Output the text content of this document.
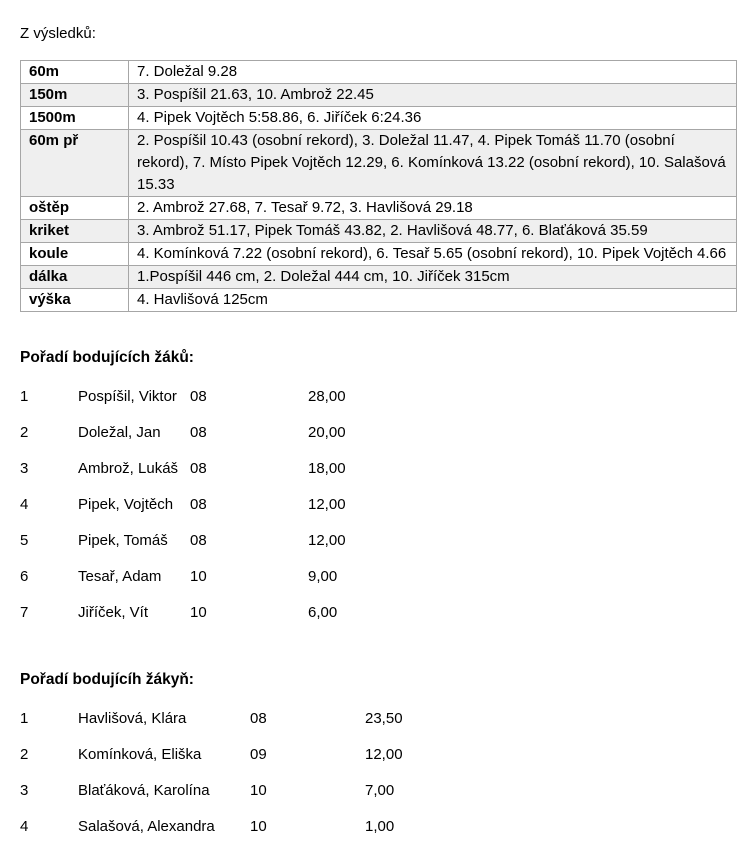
Z výsledků:

60m	7. Doležal 9.28
150m	3. Pospíšil 21.63, 10. Ambrož 22.45
1500m	4. Pipek Vojtěch 5:58.86, 6. Jiříček 6:24.36
60m př	2. Pospíšil 10.43 (osobní rekord), 3. Doležal 11.47, 4. Pipek Tomáš 11.70 (osobní rekord), 7. Místo Pipek Vojtěch 12.29, 6. Komínková 13.22 (osobní rekord), 10. Salašová 15.33
oštěp	2. Ambrož 27.68, 7. Tesař 9.72, 3. Havlišová 29.18
kriket	3. Ambrož 51.17, Pipek Tomáš 43.82, 2. Havlišová 48.77, 6. Blaťáková 35.59
koule	4. Komínková 7.22 (osobní rekord), 6. Tesař 5.65 (osobní rekord), 10. Pipek Vojtěch 4.66
dálka	1.Pospíšil 446 cm, 2. Doležal 444 cm, 10. Jiříček 315cm
výška	4. Havlišová 125cm
Pořadí bodujících žáků:
1	Pospíšil, Viktor 08	28,00
2	Doležal, Jan	08	20,00
3	Ambrož, Lukáš 08	18,00
4	Pipek, Vojtěch	08	12,00
5	Pipek, Tomáš	08	12,00
6	Tesař, Adam	10	9,00
7	Jiříček, Vít	10	6,00
Pořadí bodujícíh žákyň:
1	Havlišová, Klára	08	23,50
2	Komínková, Eliška	09	12,00
3	Blaťáková, Karolína	10	7,00
4	Salašová, Alexandra	10	1,00
